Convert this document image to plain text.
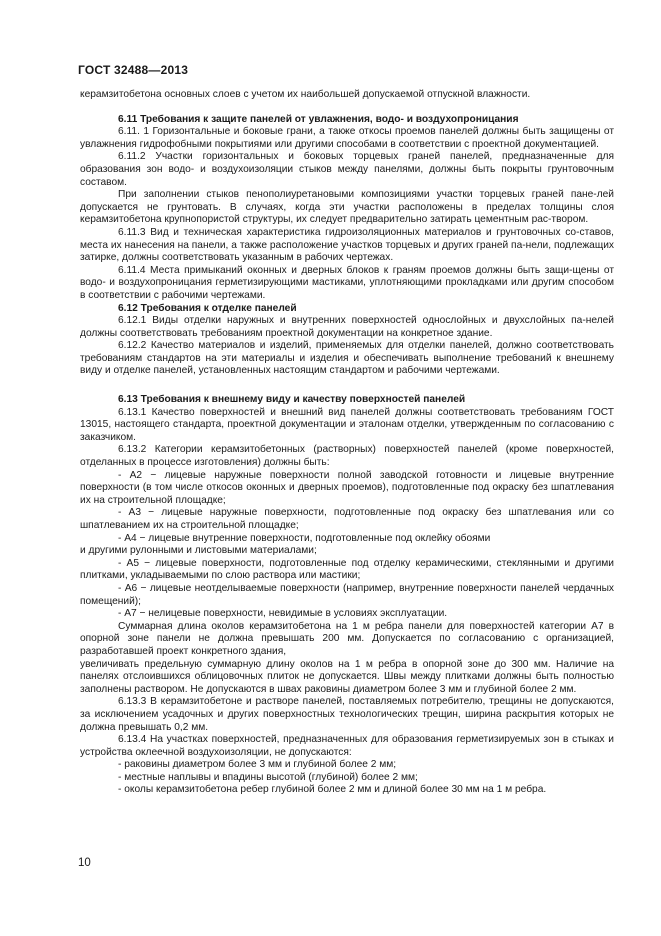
ГОСТ 32488—2013

керамзитобетона основных слоев с учетом их наибольшей допускаемой отпускной влажности.

6.11 Требования к защите панелей от увлажнения, водо- и воздухопроницания

6.11. 1 Горизонтальные и боковые грани, а также откосы проемов панелей должны быть защищены от увлажнения гидрофобными покрытиями или другими способами в соответствии с проектной документацией.

6.11.2 Участки горизонтальных и боковых торцевых граней панелей, предназначенные для образования зон водо- и воздухоизоляции стыков между панелями, должны быть покрыты грунтовочным составом.

При заполнении стыков пенополиуретановыми композициями участки торцевых граней пане-лей допускается не грунтовать. В случаях, когда эти участки расположены в пределах толщины слоя керамзитобетона крупнопористой структуры, их следует предварительно затирать цементным рас-твором.

6.11.3 Вид и техническая характеристика гидроизоляционных материалов и грунтовочных со-ставов, места их нанесения на панели, а также расположение участков торцевых и других граней па-нели, подлежащих затирке, должны соответствовать указанным в рабочих чертежах.

6.11.4 Места примыканий оконных и дверных блоков к граням проемов должны быть защи-щены от водо- и воздухопроницания герметизирующими мастиками, уплотняющими прокладками или другим способом в соответствии с рабочими чертежами.

6.12 Требования к отделке панелей

6.12.1 Виды отделки наружных и внутренних поверхностей однослойных и двухслойных па-нелей должны соответствовать требованиям проектной документации на конкретное здание.

6.12.2 Качество материалов и изделий, применяемых для отделки панелей, должно соответствовать требованиям стандартов на эти материалы и изделия и обеспечивать выполнение требований к внешнему виду и отделке панелей, установленных настоящим стандартом и рабочими чертежами.

6.13 Требования к внешнему виду и качеству поверхностей панелей

6.13.1 Качество поверхностей и внешний вид панелей должны соответствовать требованиям ГОСТ 13015, настоящего стандарта, проектной документации и эталонам отделки, утвержденным по согласованию с заказчиком.

6.13.2 Категории керамзитобетонных (растворных) поверхностей панелей (кроме поверхностей, отделанных в процессе изготовления) должны быть:

- А2 − лицевые наружные поверхности полной заводской готовности и лицевые внутренние поверхности (в том числе откосов оконных и дверных проемов), подготовленные под окраску без шпатлевания их на строительной площадке;

- А3 − лицевые наружные поверхности, подготовленные под окраску без шпатлевания или со шпатлеванием их на строительной площадке;

- А4 − лицевые внутренние поверхности, подготовленные под оклейку обоями

и другими рулонными и листовыми материалами;

- А5 − лицевые поверхности, подготовленные под отделку керамическими, стеклянными и другими плитками, укладываемыми по слою раствора или мастики;

- А6 − лицевые неотделываемые поверхности (например, внутренние поверхности панелей чердачных помещений);

- А7 − нелицевые поверхности, невидимые в условиях эксплуатации.

Суммарная длина околов керамзитобетона на 1 м ребра панели для поверхностей категории А7 в опорной зоне панели не должна превышать 200 мм. Допускается по согласованию с организацией, разработавшей проект конкретного здания,

увеличивать предельную суммарную длину околов на 1 м ребра в опорной зоне до 300 мм. Наличие на панелях отслоившихся облицовочных плиток не допускается. Швы между плитками должны быть полностью заполнены раствором. Не допускаются в швах раковины диаметром более 3 мм и глубиной более 2 мм.

6.13.3 В керамзитобетоне и растворе панелей, поставляемых потребителю, трещины не допускаются, за исключением усадочных и других поверхностных технологических трещин, ширина раскрытия которых не должна превышать 0,2 мм.

6.13.4 На участках поверхностей, предназначенных для образования герметизируемых зон в стыках и устройства оклеечной воздухоизоляции, не допускаются:

- раковины диаметром более 3 мм и глубиной более 2 мм;

- местные наплывы и впадины высотой (глубиной) более 2 мм;

- околы керамзитобетона ребер глубиной более 2 мм и длиной более 30 мм на 1 м ребра.

10
